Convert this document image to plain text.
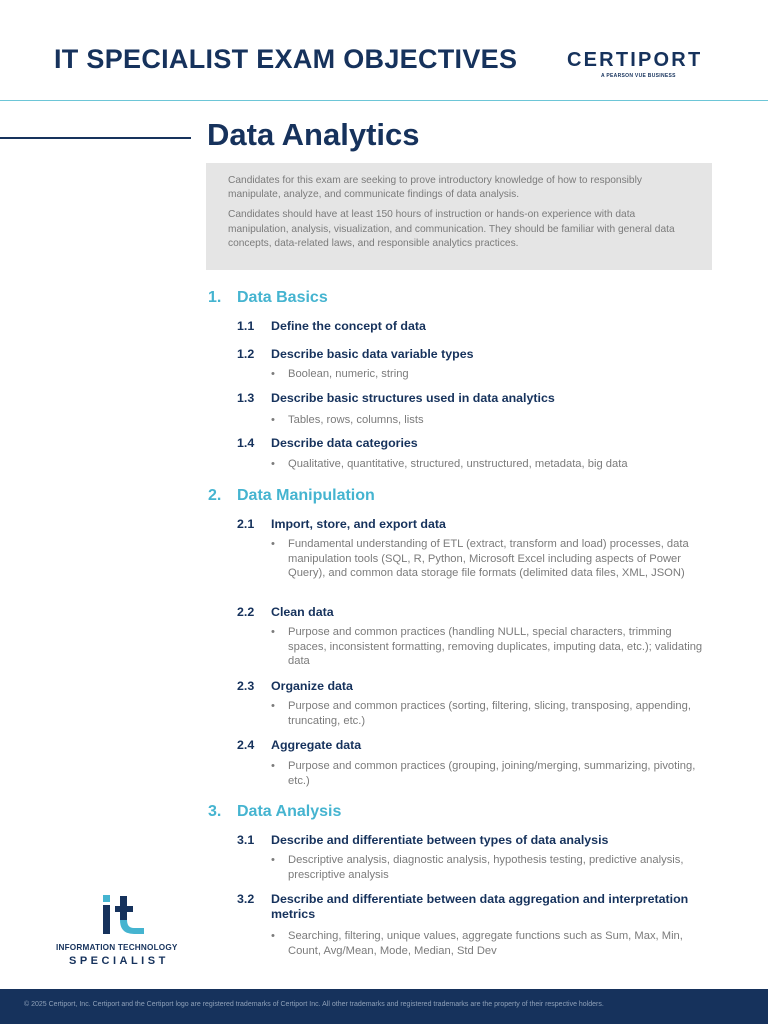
IT SPECIALIST EXAM OBJECTIVES CERTIPORT
A PEARSON VUE BUSINESS
Data Analytics

Candidates for this exam are seeking to prove introductory knowledge of how to responsibly manipulate, analyze, and communicate findings of data analysis.

Candidates should have at least 150 hours of instruction or hands-on experience with data manipulation, analysis, visualization, and communication. They should be familiar with general data concepts, data-related laws, and responsible analytics practices.

1. Data Basics
1.1 Define the concept of data
1.2 Describe basic data variable types
• Boolean, numeric, string
1.3 Describe basic structures used in data analytics
• Tables, rows, columns, lists
1.4 Describe data categories
• Qualitative, quantitative, structured, unstructured, metadata, big data
2. Data Manipulation
2.1 Import, store, and export data
• Fundamental understanding of ETL (extract, transform and load) processes, data manipulation tools (SQL, R, Python, Microsoft Excel including aspects of Power Query), and common data storage file formats (delimited data files, XML, JSON)
2.2 Clean data
• Purpose and common practices (handling NULL, special characters, trimming spaces, inconsistent formatting, removing duplicates, imputing data, etc.); validating data
2.3 Organize data
• Purpose and common practices (sorting, filtering, slicing, transposing, appending, truncating, etc.)
2.4 Aggregate data
• Purpose and common practices (grouping, joining/merging, summarizing, pivoting, etc.)
3. Data Analysis
3.1 Describe and differentiate between types of data analysis
• Descriptive analysis, diagnostic analysis, hypothesis testing, predictive analysis, prescriptive analysis
3.2 Describe and differentiate between data aggregation and interpretation metrics
• Searching, filtering, unique values, aggregate functions such as Sum, Max, Min, Count, Avg/Mean, Mode, Median, Std Dev
INFORMATION TECHNOLOGY
SPECIALIST
© 2025 Certiport, Inc. Certiport and the Certiport logo are registered trademarks of Certiport Inc. All other trademarks and registered trademarks are the property of their respective holders.
